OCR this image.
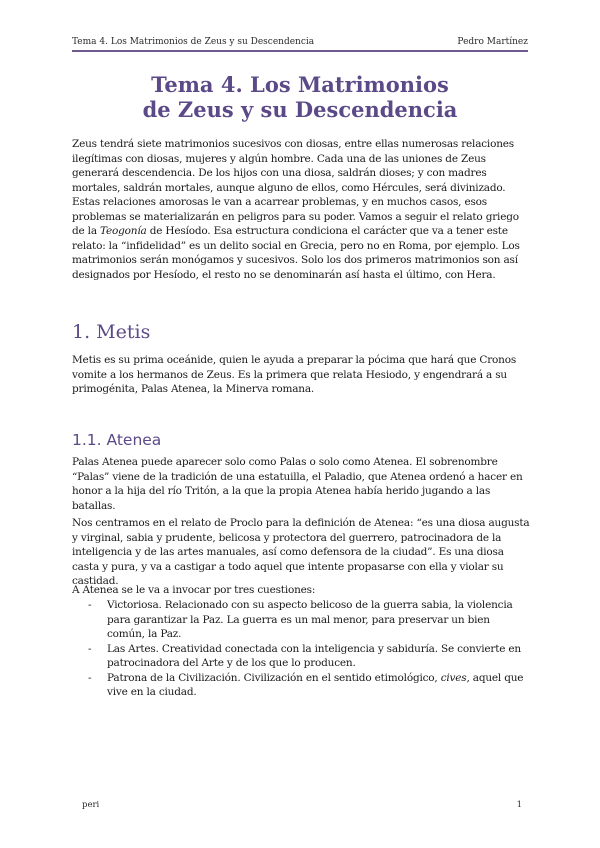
Tema 4. Los Matrimonios de Zeus y su Descendencia	Pedro Martínez
Tema 4. Los Matrimonios
de Zeus y su Descendencia
Zeus tendrá siete matrimonios sucesivos con diosas, entre ellas numerosas relaciones ilegítimas con diosas, mujeres y algún hombre. Cada una de las uniones de Zeus generará descendencia. De los hijos con una diosa, saldrán dioses; y con madres mortales, saldrán mortales, aunque alguno de ellos, como Hércules, será divinizado. Estas relaciones amorosas le van a acarrear problemas, y en muchos casos, esos problemas se materializarán en peligros para su poder. Vamos a seguir el relato griego de la Teogonía de Hesíodo. Esa estructura condiciona el carácter que va a tener este relato: la “infidelidad” es un delito social en Grecia, pero no en Roma, por ejemplo. Los matrimonios serán monógamos y sucesivos. Solo los dos primeros matrimonios son así designados por Hesíodo, el resto no se denominarán así hasta el último, con Hera.
1. Metis
Metis es su prima oceánide, quien le ayuda a preparar la pócima que hará que Cronos vomite a los hermanos de Zeus. Es la primera que relata Hesiodo, y engendrará a su primogénita, Palas Atenea, la Minerva romana.
1.1. Atenea
Palas Atenea puede aparecer solo como Palas o solo como Atenea. El sobrenombre “Palas” viene de la tradición de una estatuilla, el Paladio, que Atenea ordenó a hacer en honor a la hija del río Tritón, a la que la propia Atenea había herido jugando a las batallas.
Nos centramos en el relato de Proclo para la definición de Atenea: “es una diosa augusta y virginal, sabia y prudente, belicosa y protectora del guerrero, patrocinadora de la inteligencia y de las artes manuales, así como defensora de la ciudad”. Es una diosa casta y pura, y va a castigar a todo aquel que intente propasarse con ella y violar su castidad.
A Atenea se le va a invocar por tres cuestiones:
- Victoriosa. Relacionado con su aspecto belicoso de la guerra sabia, la violencia para garantizar la Paz. La guerra es un mal menor, para preservar un bien común, la Paz.
- Las Artes. Creatividad conectada con la inteligencia y sabiduría. Se convierte en patrocinadora del Arte y de los que lo producen.
- Patrona de la Civilización. Civilización en el sentido etimológico, cives, aquel que vive en la ciudad.
peri	1
